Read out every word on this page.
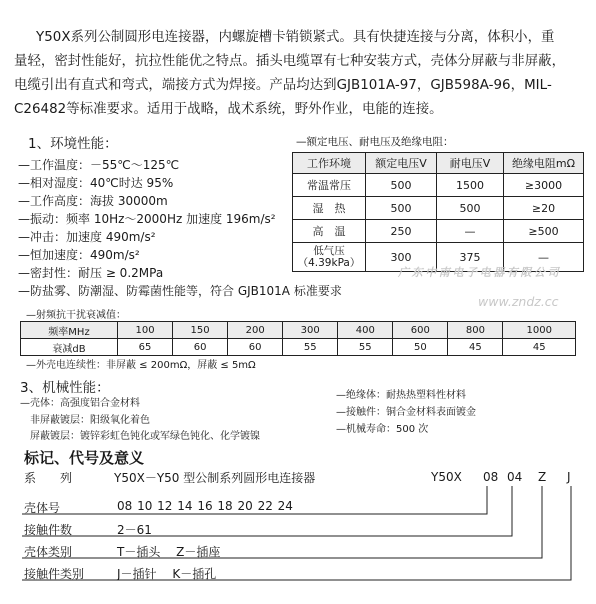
Y50X系列公制圆形电连接器，内螺旋槽卡销锁紧式。具有快捷连接与分离，体积小，重
量轻，密封性能好，抗拉性能优之特点。插头电缆罩有七种安装方式，壳体分屏蔽与非屏蔽，
电缆引出有直式和弯式，端接方式为焊接。产品均达到GJB101A-97，GJB598A-96，MIL-
C26482等标准要求。适用于战略，战术系统，野外作业，电能的连接。
1、环境性能：
—工作温度：－55℃～125℃
—相对湿度：40℃时达 95%
—工作高度：海拔 30000m
—振动：频率 10Hz～2000Hz 加速度 196m/s²
—冲击：加速度 490m/s²
—恒加速度：490m/s²
—密封性：耐压 ≥ 0.2MPa
—防盐雾、防潮湿、防霉菌性能等，符合 GJB101A 标准要求
—额定电压、耐电压及绝缘电阻：
工作环境	额定电压V	耐电压V	绝缘电阻mΩ
常温常压	500	1500	≥3000
湿　热	500	500	≥20
高　温	250	—	≥500
低气压
（4.39kPa）	300	375	—
广东中南电子电器有限公司
www.zndz.cc
—射频抗干扰衰减值：
频率MHz	100	150	200	300	400	600	800	1000
衰减dB	65	60	60	55	55	50	45	45
—外壳电连续性：非屏蔽 ≤ 200mΩ，屏蔽 ≤ 5mΩ
3、机械性能：
—壳体：高强度铝合金材料
　非屏蔽镀层：阳级氧化着色
　屏蔽镀层：镀锌彩虹色钝化或军绿色钝化、化学镀镍
—绝缘体：耐热热塑料性材料
—接触件：铜合金材料表面镀金
—机械寿命：500 次
标记、代号及意义
系　　列	Y50X－Y50 型公制系列圆形电连接器	Y50X 08 04 Z J
壳体号	08 10 12 14 16 18 20 22 24
接触件数	2－61
壳体类别	T－插头　 Z－插座
接触件类别	J－插针　 K－插孔
